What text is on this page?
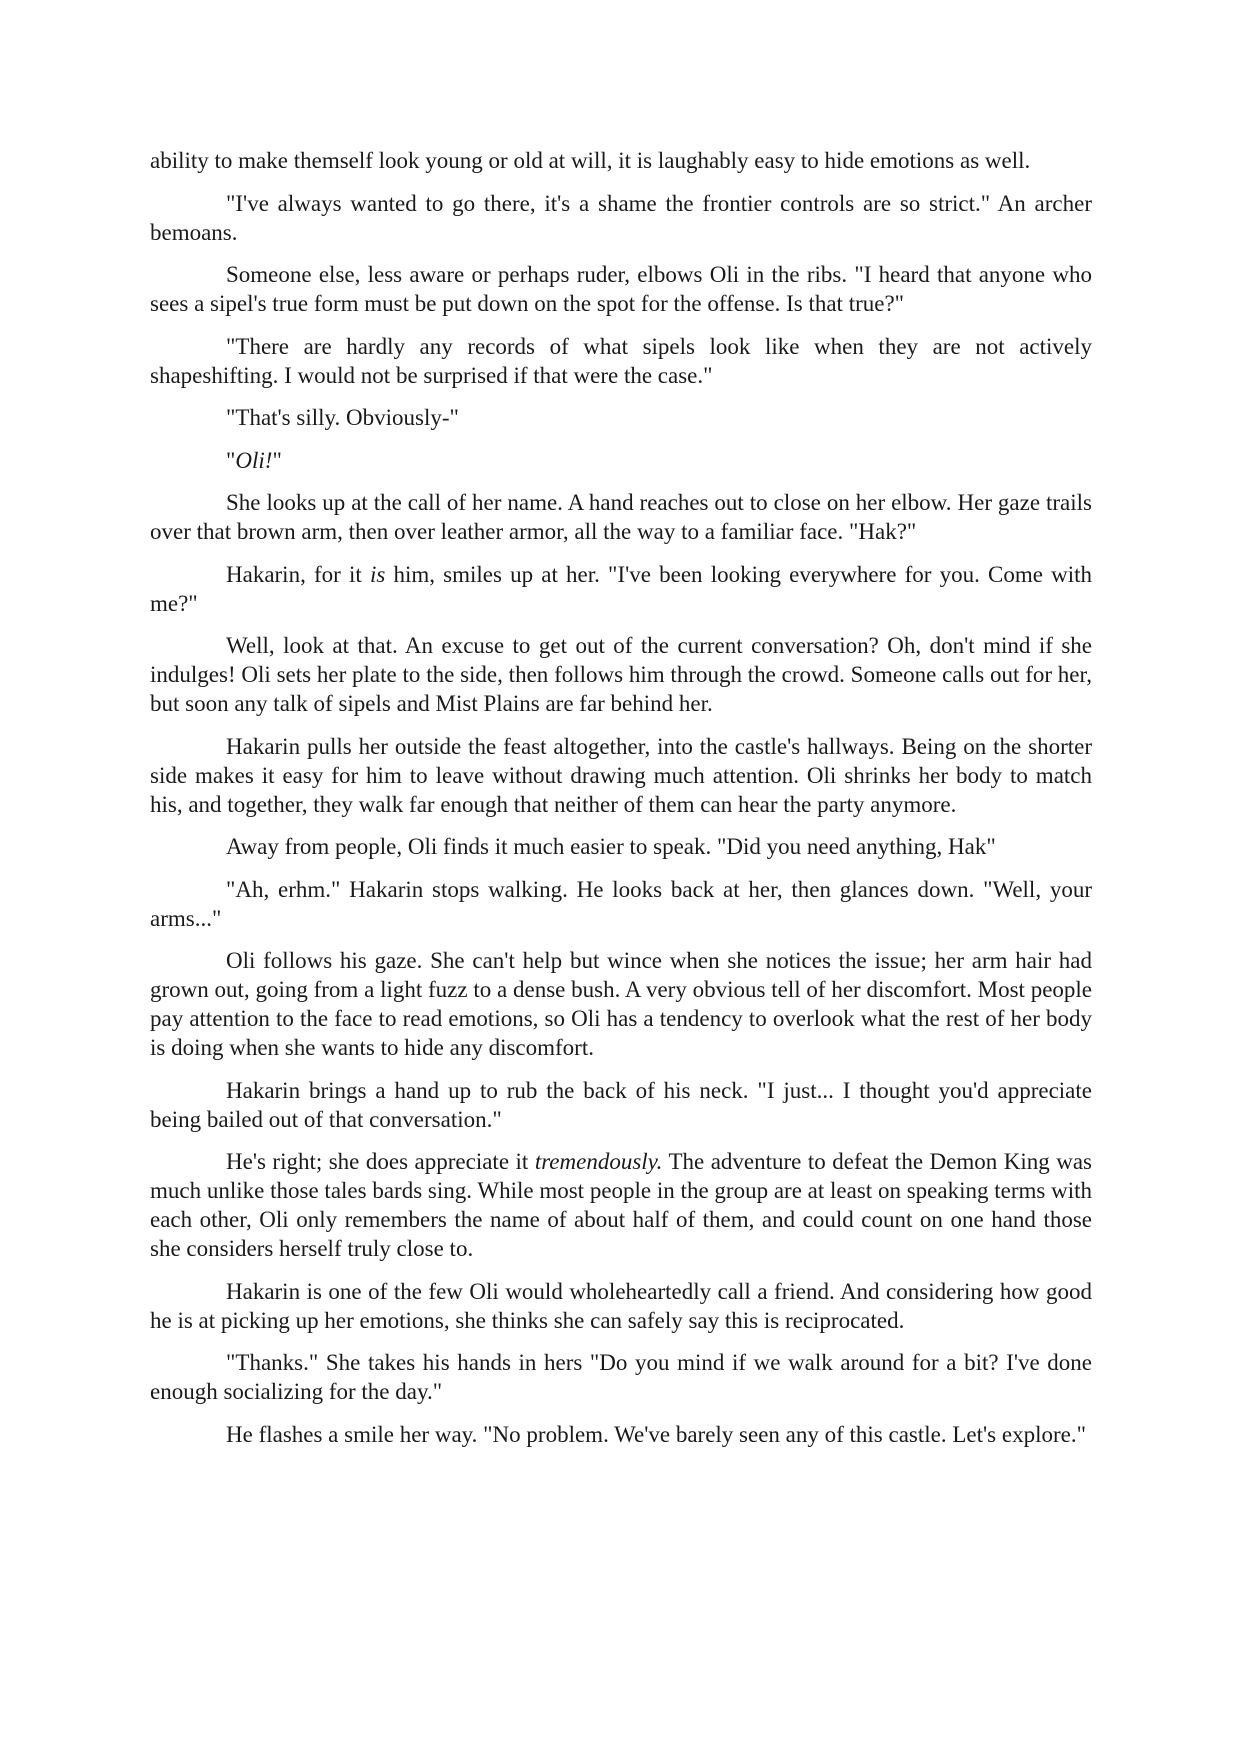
ability to make themself look young or old at will, it is laughably easy to hide emotions as well.

"I've always wanted to go there, it's a shame the frontier controls are so strict." An archer bemoans.

Someone else, less aware or perhaps ruder, elbows Oli in the ribs. "I heard that anyone who sees a sipel's true form must be put down on the spot for the offense. Is that true?"

"There are hardly any records of what sipels look like when they are not actively shapeshifting. I would not be surprised if that were the case."

"That's silly. Obviously-"

"Oli!"

She looks up at the call of her name. A hand reaches out to close on her elbow. Her gaze trails over that brown arm, then over leather armor, all the way to a familiar face. "Hak?"

Hakarin, for it is him, smiles up at her. "I've been looking everywhere for you. Come with me?"

Well, look at that. An excuse to get out of the current conversation? Oh, don't mind if she indulges! Oli sets her plate to the side, then follows him through the crowd. Someone calls out for her, but soon any talk of sipels and Mist Plains are far behind her.

Hakarin pulls her outside the feast altogether, into the castle's hallways. Being on the shorter side makes it easy for him to leave without drawing much attention. Oli shrinks her body to match his, and together, they walk far enough that neither of them can hear the party anymore.

Away from people, Oli finds it much easier to speak. "Did you need anything, Hak"

"Ah, erhm." Hakarin stops walking. He looks back at her, then glances down. "Well, your arms..."

Oli follows his gaze. She can't help but wince when she notices the issue; her arm hair had grown out, going from a light fuzz to a dense bush. A very obvious tell of her discomfort. Most people pay attention to the face to read emotions, so Oli has a tendency to overlook what the rest of her body is doing when she wants to hide any discomfort.

Hakarin brings a hand up to rub the back of his neck. "I just... I thought you'd appreciate being bailed out of that conversation."

He's right; she does appreciate it tremendously. The adventure to defeat the Demon King was much unlike those tales bards sing. While most people in the group are at least on speaking terms with each other, Oli only remembers the name of about half of them, and could count on one hand those she considers herself truly close to.

Hakarin is one of the few Oli would wholeheartedly call a friend. And considering how good he is at picking up her emotions, she thinks she can safely say this is reciprocated.

"Thanks." She takes his hands in hers "Do you mind if we walk around for a bit? I've done enough socializing for the day."

He flashes a smile her way. "No problem. We've barely seen any of this castle. Let's explore."
